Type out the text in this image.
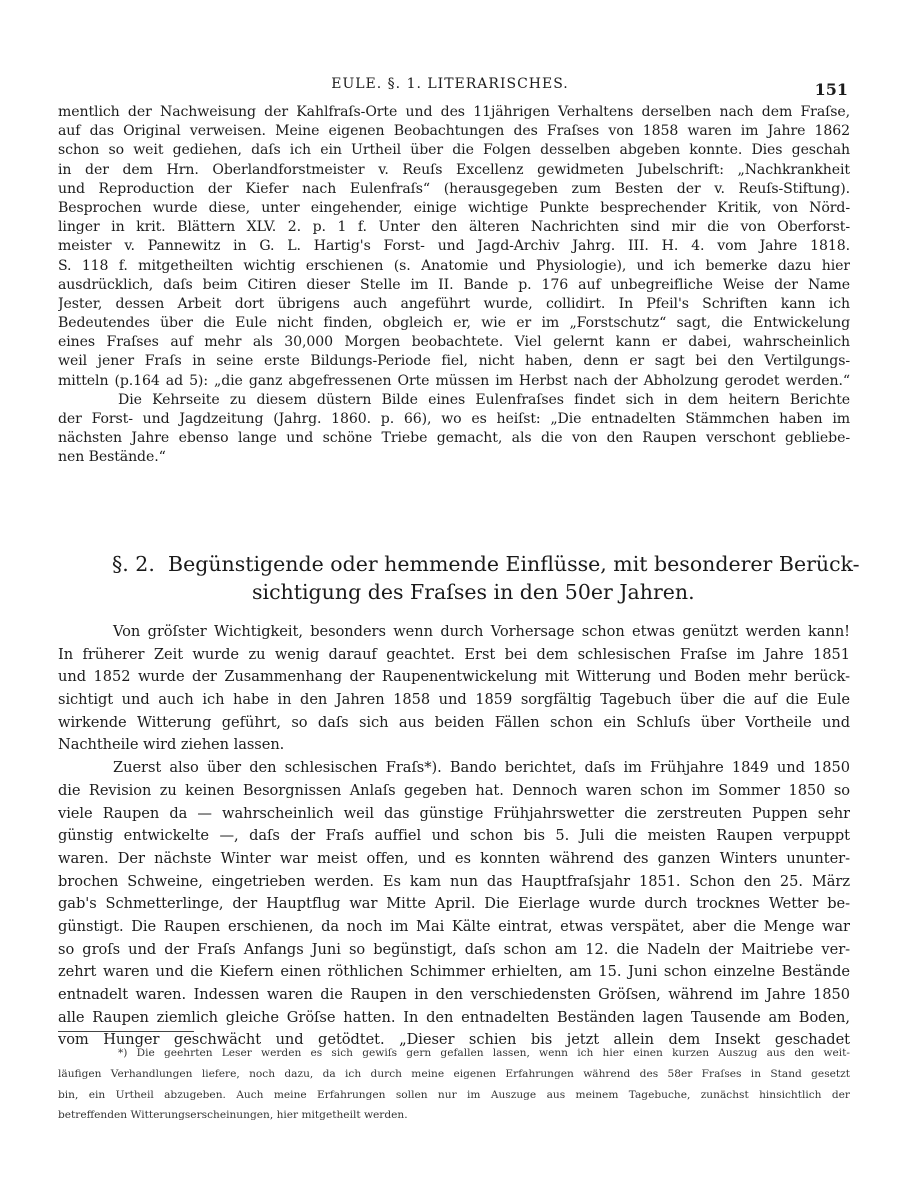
EULE. §. 1. LITERARISCHES.	151
mentlich der Nachweisung der Kahlfraſs-Orte und des 11jährigen Verhaltens derselben nach dem Fraſse,
auf das Original verweisen. Meine eigenen Beobachtungen des Fraſses von 1858 waren im Jahre 1862
schon so weit gediehen, daſs ich ein Urtheil über die Folgen desselben abgeben konnte. Dies geschah
in der dem Hrn. Oberlandforstmeister v. Reuſs Excellenz gewidmeten Jubelschrift: „Nachkrankheit
und Reproduction der Kiefer nach Eulenfraſs“ (herausgegeben zum Besten der v. Reuſs-Stiftung).
Besprochen wurde diese, unter eingehender, einige wichtige Punkte besprechender Kritik, von Nörd-
linger in krit. Blättern XLV. 2. p. 1 f. Unter den älteren Nachrichten sind mir die von Oberforst-
meister v. Pannewitz in G. L. Hartig's Forst- und Jagd-Archiv Jahrg. III. H. 4. vom Jahre 1818.
S. 118 f. mitgetheilten wichtig erschienen (s. Anatomie und Physiologie), und ich bemerke dazu hier
ausdrücklich, daſs beim Citiren dieser Stelle im II. Bande p. 176 auf unbegreifliche Weise der Name
Jester, dessen Arbeit dort übrigens auch angeführt wurde, collidirt. In Pfeil's Schriften kann ich
Bedeutendes über die Eule nicht finden, obgleich er, wie er im „Forstschutz“ sagt, die Entwickelung
eines Fraſses auf mehr als 30,000 Morgen beobachtete. Viel gelernt kann er dabei, wahrscheinlich
weil jener Fraſs in seine erste Bildungs-Periode fiel, nicht haben, denn er sagt bei den Vertilgungs-
mitteln (p.164 ad 5): „die ganz abgefressenen Orte müssen im Herbst nach der Abholzung gerodet werden.“
Die Kehrseite zu diesem düstern Bilde eines Eulenfraſses findet sich in dem heitern Berichte
der Forst- und Jagdzeitung (Jahrg. 1860. p. 66), wo es heiſst: „Die entnadelten Stämmchen haben im
nächsten Jahre ebenso lange und schöne Triebe gemacht, als die von den Raupen verschont gebliebe-
nen Bestände.“
§. 2. Begünstigende oder hemmende Einflüsse, mit besonderer Berück-
sichtigung des Fraſses in den 50er Jahren.
Von gröſster Wichtigkeit, besonders wenn durch Vorhersage schon etwas genützt werden kann!
In früherer Zeit wurde zu wenig darauf geachtet. Erst bei dem schlesischen Fraſse im Jahre 1851
und 1852 wurde der Zusammenhang der Raupenentwickelung mit Witterung und Boden mehr berück-
sichtigt und auch ich habe in den Jahren 1858 und 1859 sorgfältig Tagebuch über die auf die Eule
wirkende Witterung geführt, so daſs sich aus beiden Fällen schon ein Schluſs über Vortheile und
Nachtheile wird ziehen lassen.
Zuerst also über den schlesischen Fraſs*). Bando berichtet, daſs im Frühjahre 1849 und 1850
die Revision zu keinen Besorgnissen Anlaſs gegeben hat. Dennoch waren schon im Sommer 1850 so
viele Raupen da — wahrscheinlich weil das günstige Frühjahrswetter die zerstreuten Puppen sehr
günstig entwickelte —, daſs der Fraſs auffiel und schon bis 5. Juli die meisten Raupen verpuppt
waren. Der nächste Winter war meist offen, und es konnten während des ganzen Winters ununter-
brochen Schweine, eingetrieben werden. Es kam nun das Hauptfraſsjahr 1851. Schon den 25. März
gab's Schmetterlinge, der Hauptflug war Mitte April. Die Eierlage wurde durch trocknes Wetter be-
günstigt. Die Raupen erschienen, da noch im Mai Kälte eintrat, etwas verspätet, aber die Menge war
so groſs und der Fraſs Anfangs Juni so begünstigt, daſs schon am 12. die Nadeln der Maitriebe ver-
zehrt waren und die Kiefern einen röthlichen Schimmer erhielten, am 15. Juni schon einzelne Bestände
entnadelt waren. Indessen waren die Raupen in den verschiedensten Gröſsen, während im Jahre 1850
alle Raupen ziemlich gleiche Gröſse hatten. In den entnadelten Beständen lagen Tausende am Boden,
vom Hunger geschwächt und getödtet. „Dieser schien bis jetzt allein dem Insekt geschadet
*) Die geehrten Leser werden es sich gewiſs gern gefallen lassen, wenn ich hier einen kurzen Auszug aus den weit-
läufigen Verhandlungen liefere, noch dazu, da ich durch meine eigenen Erfahrungen während des 58er Fraſses in Stand gesetzt
bin, ein Urtheil abzugeben. Auch meine Erfahrungen sollen nur im Auszuge aus meinem Tagebuche, zunächst hinsichtlich der
betreffenden Witterungserscheinungen, hier mitgetheilt werden.
